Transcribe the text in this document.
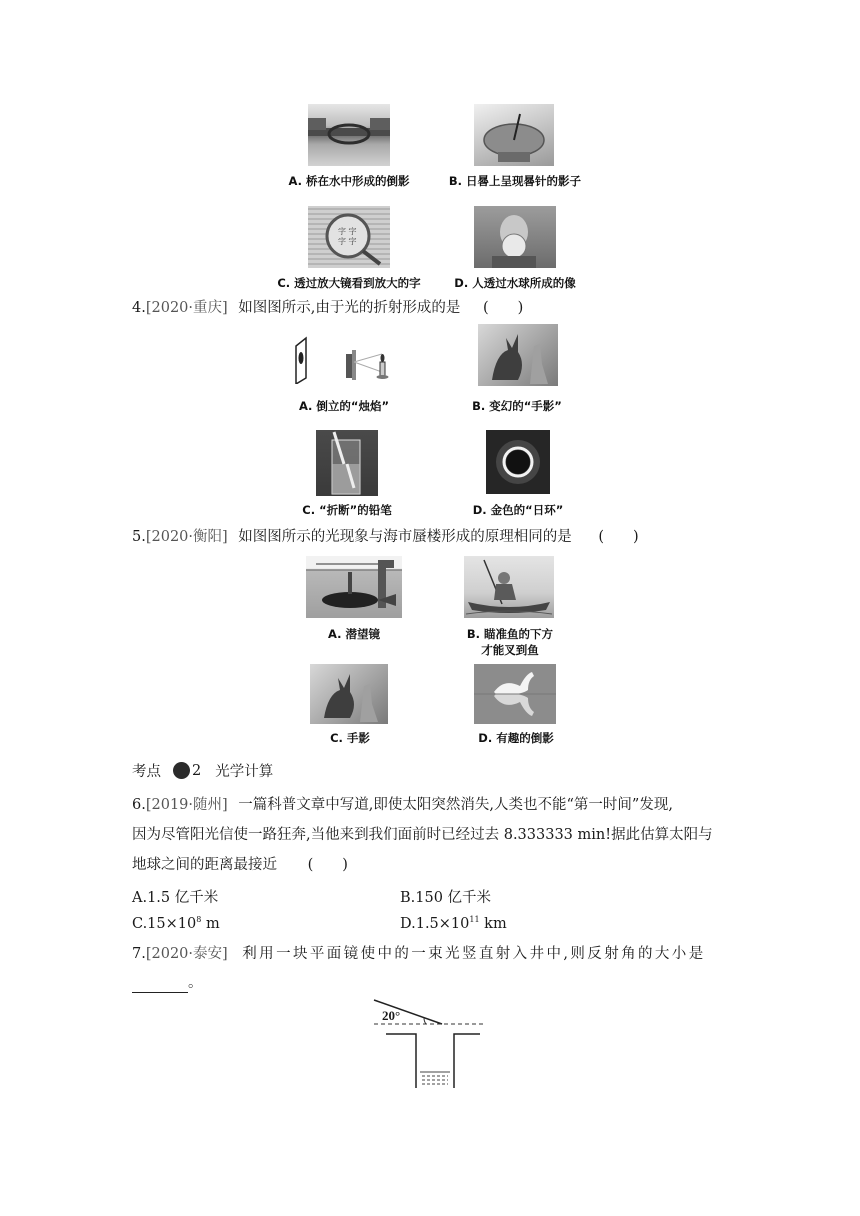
A. 桥在水中形成的倒影	B. 日晷上呈现晷针的影子
字 字
字 字
C. 透过放大镜看到放大的字	D. 人透过水球所成的像
4.[2020·重庆] 如图图所示,由于光的折射形成的是 (　　)
A. 倒立的“烛焰”	B. 变幻的“手影”
C. “折断”的铅笔	D. 金色的“日环”
5.[2020·衡阳] 如图图所示的光现象与海市蜃楼形成的原理相同的是 (　　)
A. 潜望镜	B. 瞄准鱼的下方
才能叉到鱼
C. 手影	D. 有趣的倒影
考点 2 光学计算
6.[2019·随州] 一篇科普文章中写道,即使太阳突然消失,人类也不能“第一时间”发现,
因为尽管阳光信使一路狂奔,当他来到我们面前时已经过去 8.333333 min!据此估算太阳与
地球之间的距离最接近 (　　)
A.1.5 亿千米	B.150 亿千米
$C.15\times 10^8$ m	$D.1.5\times 10^{11}$ km
7.[2020·泰安] 利用一块平面镜使中的一束光竖直射入井中,则反射角的大小是
。
20°
